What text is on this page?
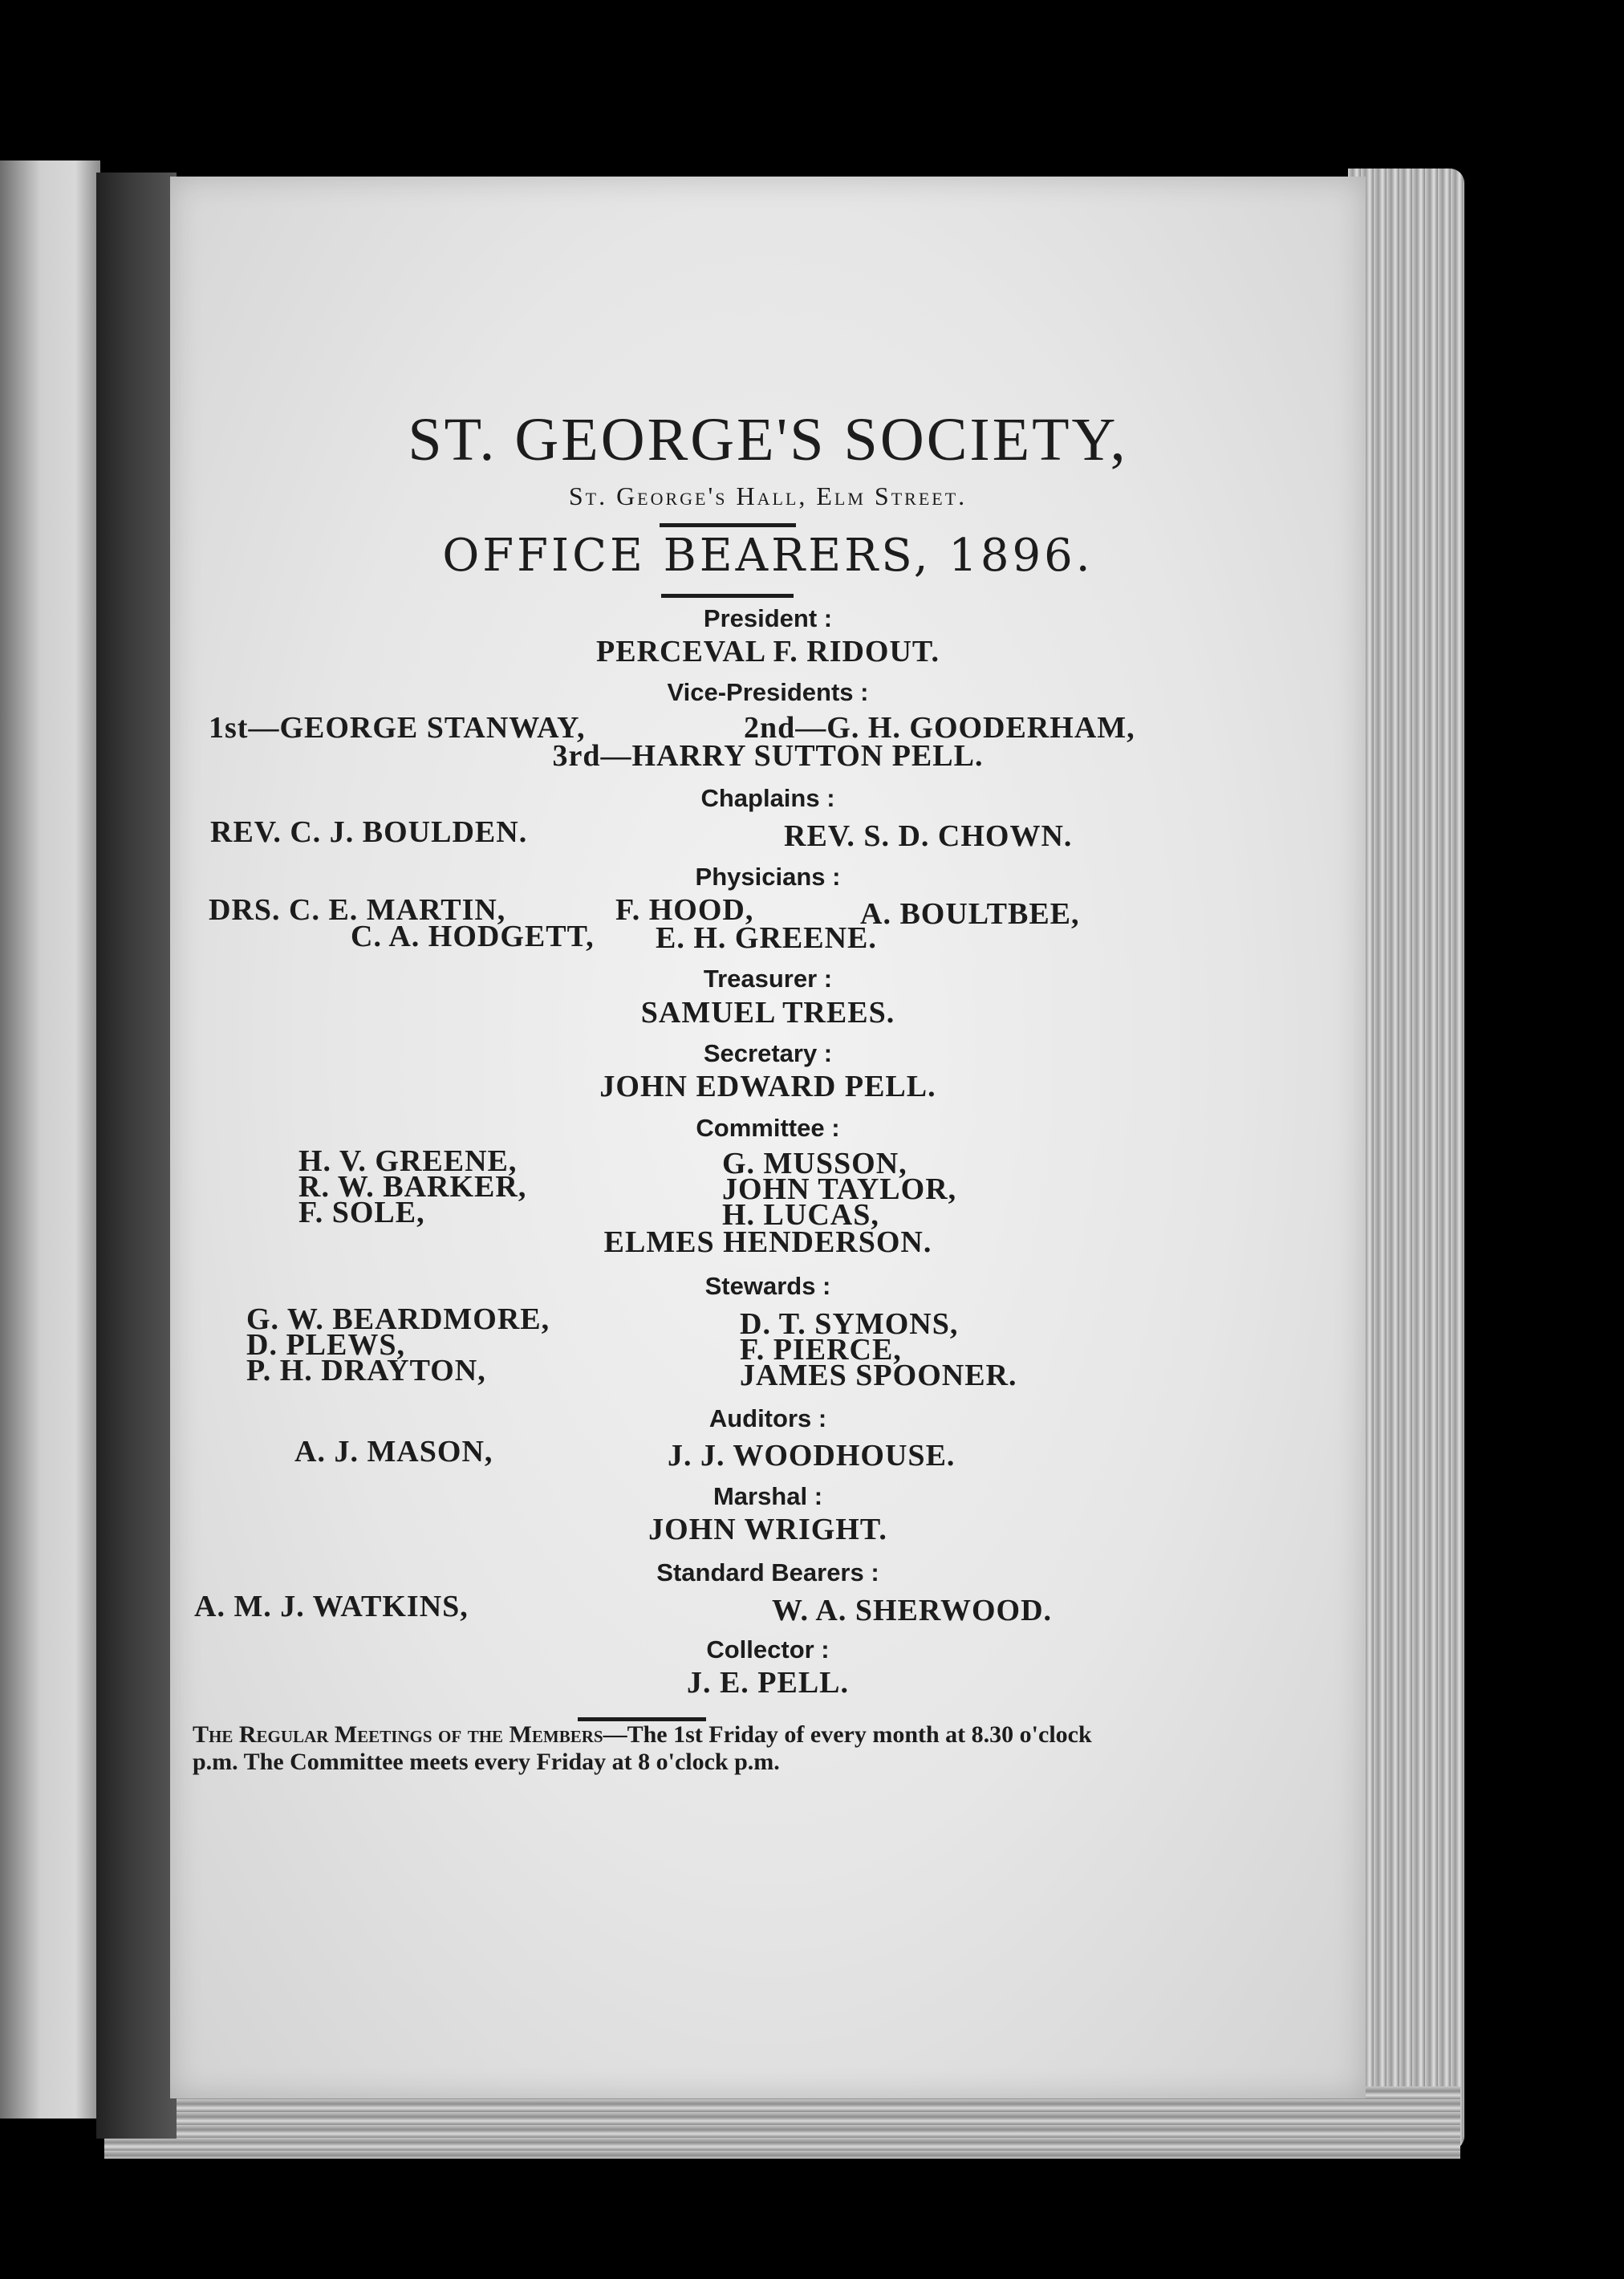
ST. GEORGE'S SOCIETY,
St. George's Hall, Elm Street.
OFFICE BEARERS, 1896.
President :
PERCEVAL F. RIDOUT.
Vice-Presidents :
1st—GEORGE STANWAY,	2nd—G. H. GOODERHAM,
3rd—HARRY SUTTON PELL.
Chaplains :
REV. C. J. BOULDEN.	REV. S. D. CHOWN.
Physicians :
DRS. C. E. MARTIN,	F. HOOD,	A. BOULTBEE,
C. A. HODGETT, E. H. GREENE.
Treasurer :
SAMUEL TREES.
Secretary :
JOHN EDWARD PELL.
Committee :
H. V. GREENE,
R. W. BARKER,
F. SOLE,
G. MUSSON,
JOHN TAYLOR,
H. LUCAS,
ELMES HENDERSON.
Stewards :
G. W. BEARDMORE,
D. PLEWS,
P. H. DRAYTON,
D. T. SYMONS,
F. PIERCE,
JAMES SPOONER.
Auditors :
A. J. MASON,	J. J. WOODHOUSE.
Marshal :
JOHN WRIGHT.
Standard Bearers :
A. M. J. WATKINS,	W. A. SHERWOOD.
Collector :
J. E. PELL.
The Regular Meetings of the Members—The 1st Friday of every month at 8.30 o'clock p.m. The Committee meets every Friday at 8 o'clock p.m.
